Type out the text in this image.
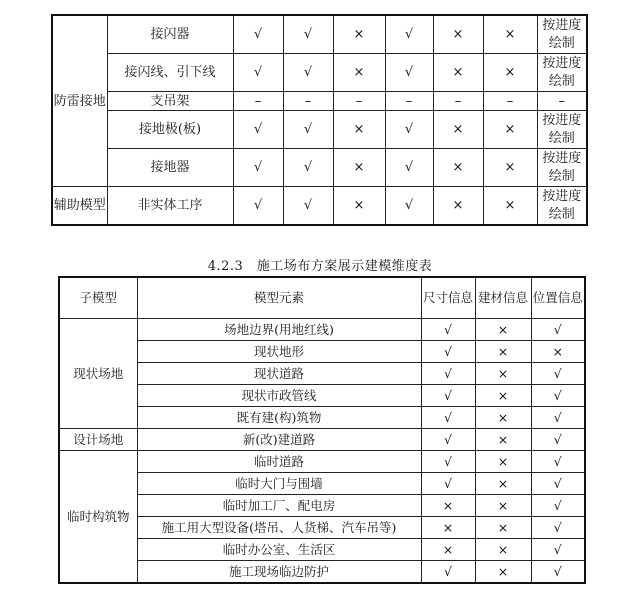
防雷接地	接闪器	√	√	×	√	×	×	按进度绘制
	接闪线、引下线	√	√	×	√	×	×	按进度绘制
	支吊架	–	–	–	–	–	–	–
	接地极(板)	√	√	×	√	×	×	按进度绘制
	接地器	√	√	×	√	×	×	按进度绘制
辅助模型	非实体工序	√	√	×	√	×	×	按进度绘制
4.2.3　施工场布方案展示建模维度表
子模型	模型元素	尺寸信息	建材信息	位置信息
现状场地	场地边界(用地红线)	√	×	√
	现状地形	√	×	×
	现状道路	√	×	√
	现状市政管线	√	×	√
	既有建(构)筑物	√	×	√
设计场地	新(改)建道路	√	×	√
临时构筑物	临时道路	√	×	√
	临时大门与围墙	√	×	√
	临时加工厂、配电房	×	×	√
	施工用大型设备(塔吊、人货梯、汽车吊等)	×	×	√
	临时办公室、生活区	×	×	√
	施工现场临边防护	√	×	√
